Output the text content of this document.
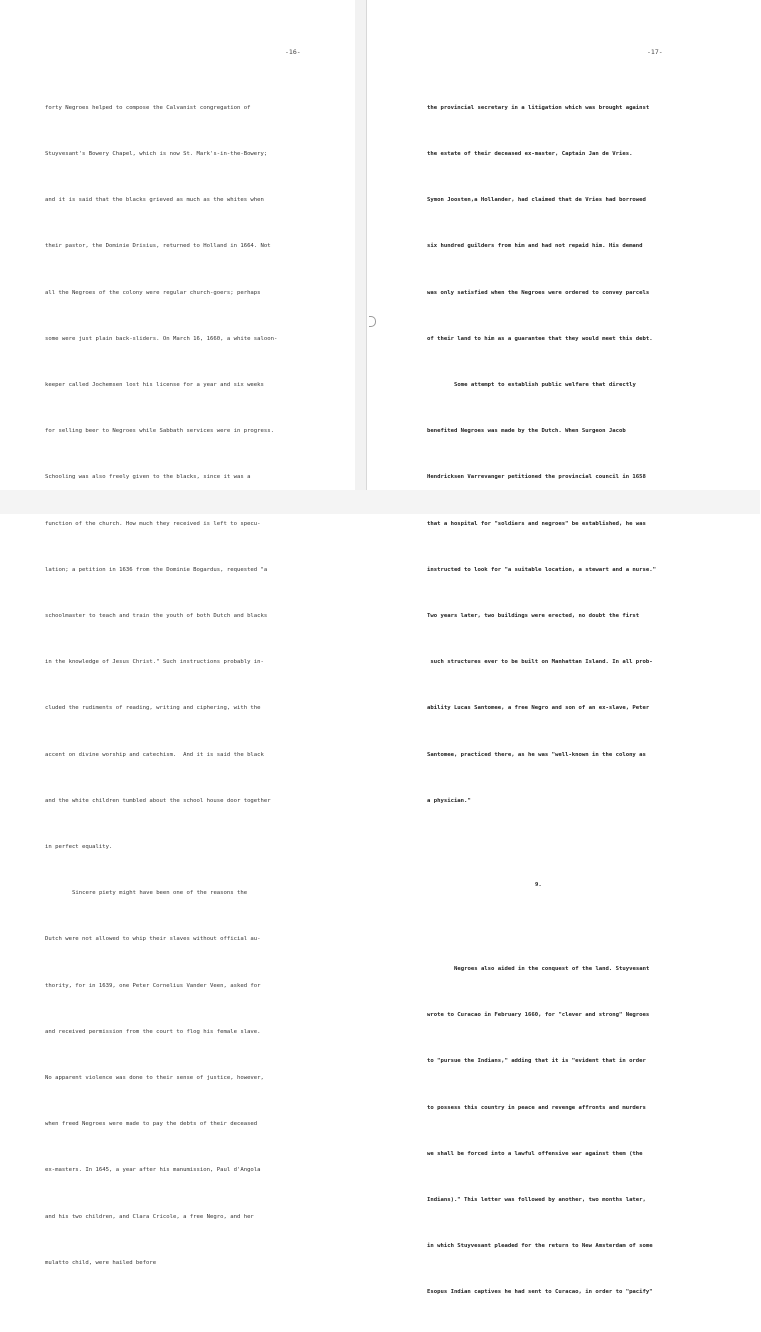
-16-

forty Negroes helped to compose the Calvanist congregation of

Stuyvesant's Bowery Chapel, which is now St. Mark's-in-the-Bowery;

and it is said that the blacks grieved as much as the whites when

their pastor, the Dominie Drisius, returned to Holland in 1664. Not

all the Negroes of the colony were regular church-goers; perhaps

some were just plain back-sliders. On March 16, 1660, a white saloon-

keeper called Jochemsen lost his license for a year and six weeks

for selling beer to Negroes while Sabbath services were in progress.

Schooling was also freely given to the blacks, since it was a

function of the church. How much they received is left to specu-

lation; a petition in 1636 from the Dominie Bogardus, requested "a

schoolmaster to teach and train the youth of both Dutch and blacks

in the knowledge of Jesus Christ." Such instructions probably in-

cluded the rudiments of reading, writing and ciphering, with the

accent on divine worship and catechism.  And it is said the black

and the white children tumbled about the school house door together

in perfect equality.

Sincere piety might have been one of the reasons the

Dutch were not allowed to whip their slaves without official au-

thority, for in 1639, one Peter Cornelius Vander Veen, asked for

and received permission from the court to flog his female slave.

No apparent violence was done to their sense of justice, however,

when freed Negroes were made to pay the debts of their deceased

ex-masters. In 1645, a year after his manumission, Paul d'Angola

and his two children, and Clara Cricole, a free Negro, and her

mulatto child, were hailed before

-17-

the provincial secretary in a litigation which was brought against

the estate of their deceased ex-master, Captain Jan de Vries.

Symon Joosten,a Hollander, had claimed that de Vries had borrowed

six hundred guilders from him and had not repaid him. His demand

was only satisfied when the Negroes were ordered to convey parcels

of their land to him as a guarantee that they would meet this debt.

Some attempt to establish public welfare that directly

benefited Negroes was made by the Dutch. When Surgeon Jacob

Hendricksen Varrevanger petitioned the provincial council in 1658

that a hospital for "soldiers and negroes" be established, he was

instructed to look for "a suitable location, a stewart and a nurse."

Two years later, two buildings were erected, no doubt the first

such structures ever to be built on Manhattan Island. In all prob-

ability Lucas Santomee, a free Negro and son of an ex-slave, Peter

Santomee, practiced there, as he was "well-known in the colony as

a physician."

9.

Negroes also aided in the conquest of the land. Stuyvesant

wrote to Curacao in February 1660, for "clever and strong" Negroes

to "pursue the Indians," adding that it is "evident that in order

to possess this country in peace and revenge affronts and murders

we shall be forced into a lawful offensive war against them (the

Indians)." This letter was followed by another, two months later,

in which Stuyvesant pleaded for the return to New Amsterdam of some

Esopus Indian captives he had sent to Curacao, in order to "pacify"
